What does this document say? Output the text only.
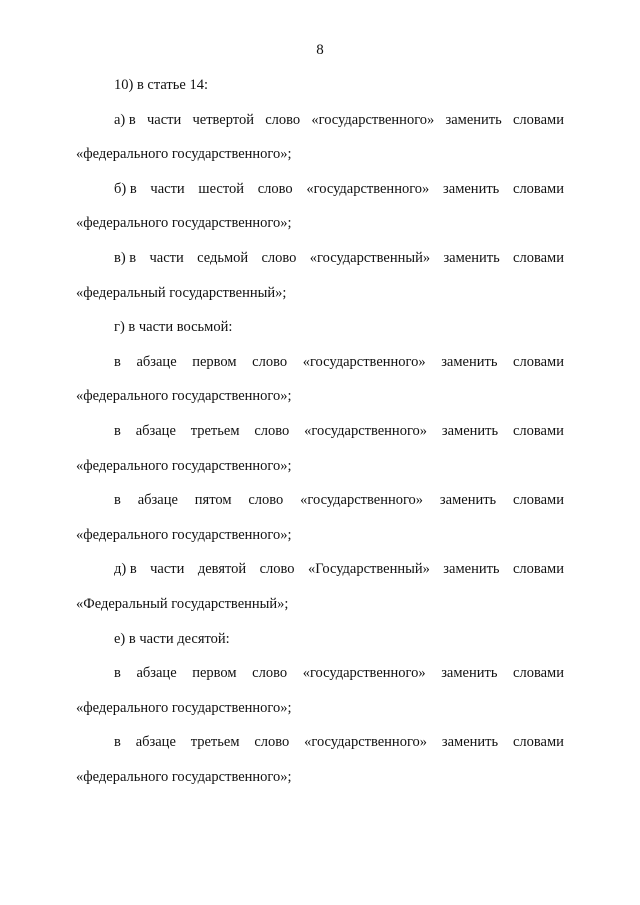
8
10) в статье 14:
а) в части четвертой слово «государственного» заменить словами
«федерального государственного»;
б) в части шестой слово «государственного» заменить словами
«федерального государственного»;
в) в части седьмой слово «государственный» заменить словами
«федеральный государственный»;
г) в части восьмой:
в абзаце первом слово «государственного» заменить словами
«федерального государственного»;
в абзаце третьем слово «государственного» заменить словами
«федерального государственного»;
в абзаце пятом слово «государственного» заменить словами
«федерального государственного»;
д) в части девятой слово «Государственный» заменить словами
«Федеральный государственный»;
е) в части десятой:
в абзаце первом слово «государственного» заменить словами
«федерального государственного»;
в абзаце третьем слово «государственного» заменить словами
«федерального государственного»;
